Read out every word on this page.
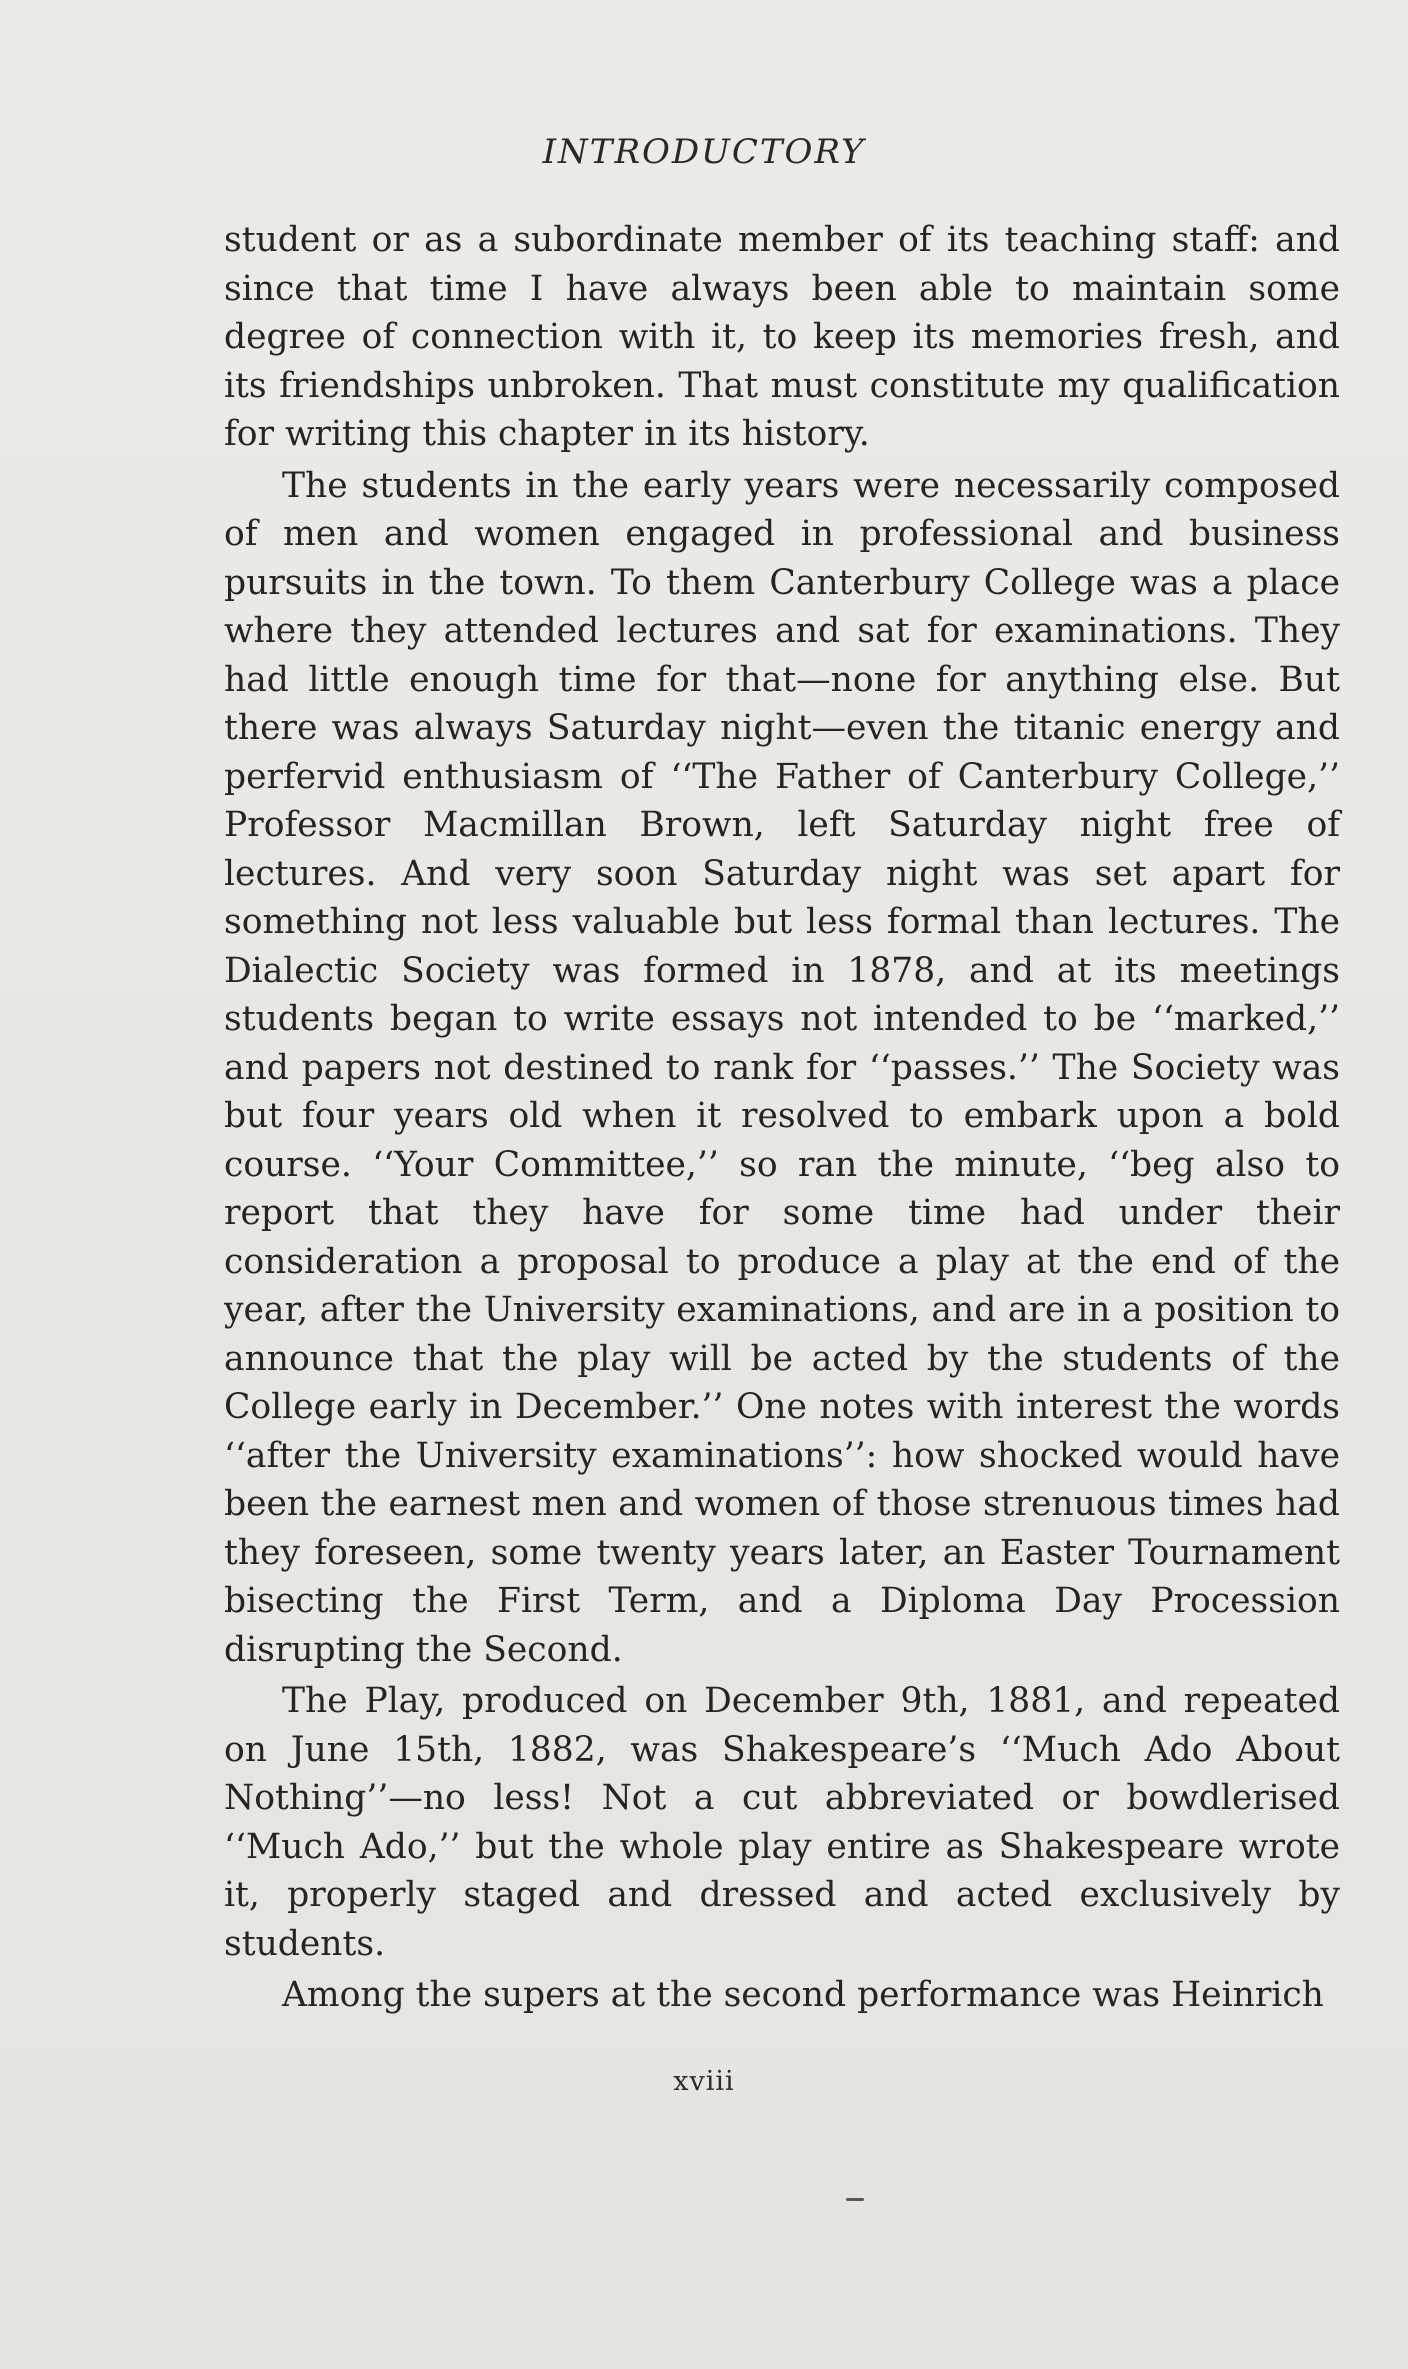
INTRODUCTORY

student or as a subordinate member of its teaching staff: and since that time I have always been able to maintain some degree of connection with it, to keep its memories fresh, and its friendships unbroken. That must constitute my qualification for writing this chapter in its history.

The students in the early years were necessarily composed of men and women engaged in professional and business pursuits in the town. To them Canterbury College was a place where they attended lectures and sat for examinations. They had little enough time for that—none for anything else. But there was always Saturday night—even the titanic energy and perfervid enthusiasm of ‘‘The Father of Canterbury College,’’ Professor Macmillan Brown, left Saturday night free of lectures. And very soon Saturday night was set apart for something not less valuable but less formal than lectures. The Dialectic Society was formed in 1878, and at its meetings students began to write essays not intended to be ‘‘marked,’’ and papers not destined to rank for ‘‘passes.’’ The Society was but four years old when it resolved to embark upon a bold course. ‘‘Your Committee,’’ so ran the minute, ‘‘beg also to report that they have for some time had under their consideration a proposal to produce a play at the end of the year, after the University examinations, and are in a position to announce that the play will be acted by the students of the College early in December.’’ One notes with interest the words ‘‘after the University examinations’’: how shocked would have been the earnest men and women of those strenuous times had they foreseen, some twenty years later, an Easter Tournament bisecting the First Term, and a Diploma Day Procession disrupting the Second.

The Play, produced on December 9th, 1881, and repeated on June 15th, 1882, was Shakespeare’s ‘‘Much Ado About Nothing’’—no less! Not a cut abbreviated or bowdlerised ‘‘Much Ado,’’ but the whole play entire as Shakespeare wrote it, properly staged and dressed and acted exclusively by students.

Among the supers at the second performance was Heinrich

xviii
